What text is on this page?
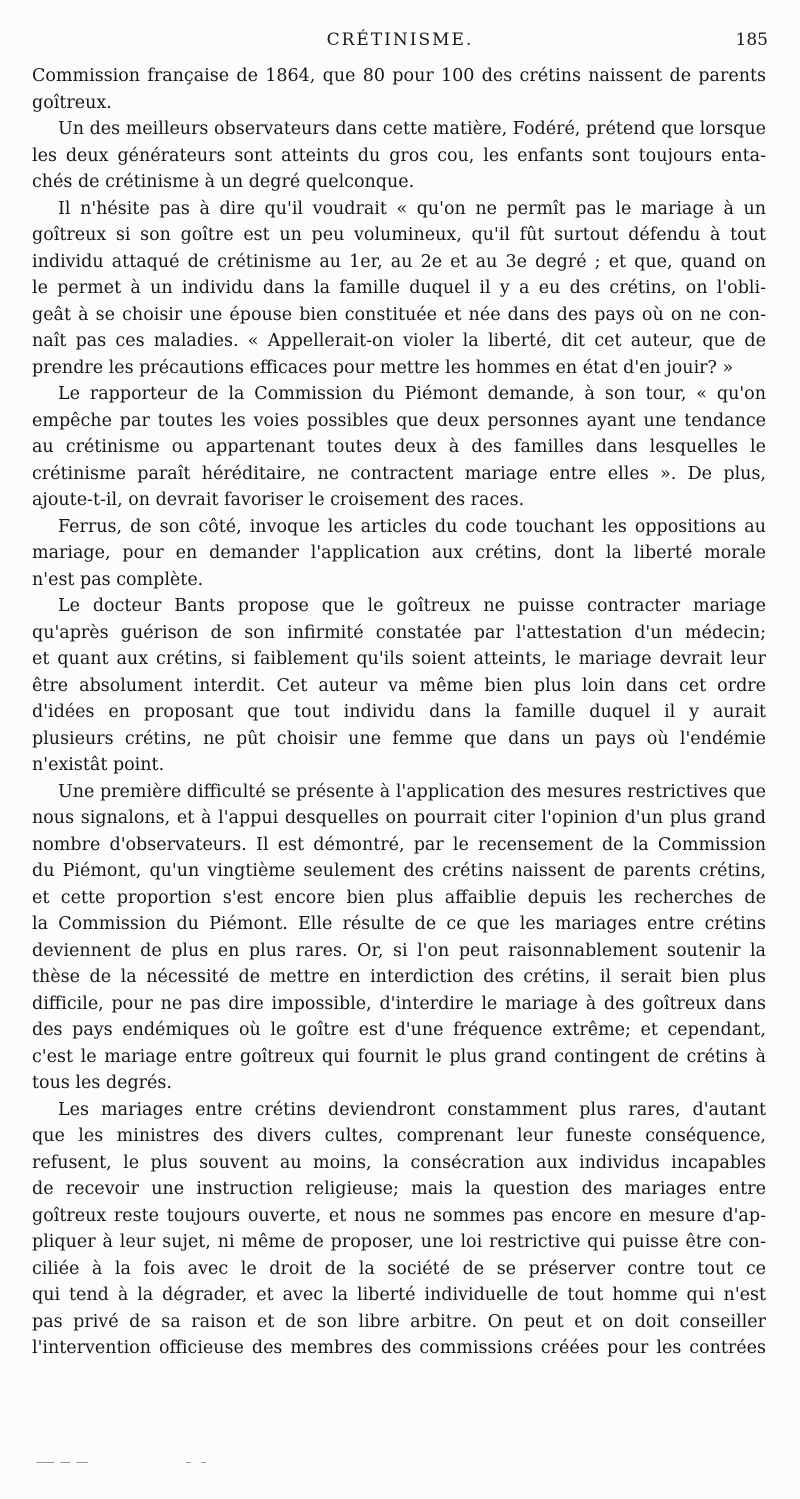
CRÉTINISME.	185
Commission française de 1864, que 80 pour 100 des crétins naissent de parents
goîtreux.
Un des meilleurs observateurs dans cette matière, Fodéré, prétend que lorsque
les deux générateurs sont atteints du gros cou, les enfants sont toujours enta-
chés de crétinisme à un degré quelconque.
Il n'hésite pas à dire qu'il voudrait « qu'on ne permît pas le mariage à un
goîtreux si son goître est un peu volumineux, qu'il fût surtout défendu à tout
individu attaqué de crétinisme au 1er, au 2e et au 3e degré ; et que, quand on
le permet à un individu dans la famille duquel il y a eu des crétins, on l'obli-
geât à se choisir une épouse bien constituée et née dans des pays où on ne con-
naît pas ces maladies. « Appellerait-on violer la liberté, dit cet auteur, que de
prendre les précautions efficaces pour mettre les hommes en état d'en jouir? »
Le rapporteur de la Commission du Piémont demande, à son tour, « qu'on
empêche par toutes les voies possibles que deux personnes ayant une tendance
au crétinisme ou appartenant toutes deux à des familles dans lesquelles le
crétinisme paraît héréditaire, ne contractent mariage entre elles ». De plus,
ajoute-t-il, on devrait favoriser le croisement des races.
Ferrus, de son côté, invoque les articles du code touchant les oppositions au
mariage, pour en demander l'application aux crétins, dont la liberté morale
n'est pas complète.
Le docteur Bants propose que le goîtreux ne puisse contracter mariage
qu'après guérison de son infirmité constatée par l'attestation d'un médecin;
et quant aux crétins, si faiblement qu'ils soient atteints, le mariage devrait leur
être absolument interdit. Cet auteur va même bien plus loin dans cet ordre
d'idées en proposant que tout individu dans la famille duquel il y aurait
plusieurs crétins, ne pût choisir une femme que dans un pays où l'endémie
n'existât point.
Une première difficulté se présente à l'application des mesures restrictives que
nous signalons, et à l'appui desquelles on pourrait citer l'opinion d'un plus grand
nombre d'observateurs. Il est démontré, par le recensement de la Commission
du Piémont, qu'un vingtième seulement des crétins naissent de parents crétins,
et cette proportion s'est encore bien plus affaiblie depuis les recherches de
la Commission du Piémont. Elle résulte de ce que les mariages entre crétins
deviennent de plus en plus rares. Or, si l'on peut raisonnablement soutenir la
thèse de la nécessité de mettre en interdiction des crétins, il serait bien plus
difficile, pour ne pas dire impossible, d'interdire le mariage à des goîtreux dans
des pays endémiques où le goître est d'une fréquence extrême; et cependant,
c'est le mariage entre goîtreux qui fournit le plus grand contingent de crétins à
tous les degrés.
Les mariages entre crétins deviendront constamment plus rares, d'autant
que les ministres des divers cultes, comprenant leur funeste conséquence,
refusent, le plus souvent au moins, la consécration aux individus incapables
de recevoir une instruction religieuse; mais la question des mariages entre
goîtreux reste toujours ouverte, et nous ne sommes pas encore en mesure d'ap-
pliquer à leur sujet, ni même de proposer, une loi restrictive qui puisse être con-
ciliée à la fois avec le droit de la société de se préserver contre tout ce
qui tend à la dégrader, et avec la liberté individuelle de tout homme qui n'est
pas privé de sa raison et de son libre arbitre. On peut et on doit conseiller
l'intervention officieuse des membres des commissions créées pour les contrées
